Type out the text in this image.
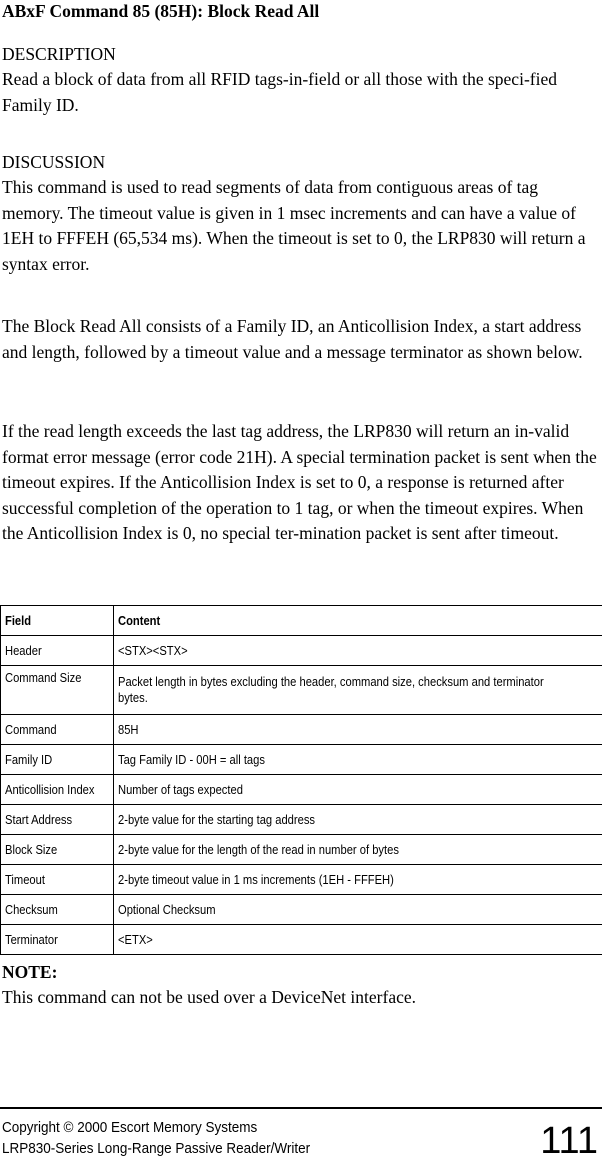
ABxF Command 85 (85H): Block Read All
DESCRIPTION

Read a block of data from all RFID tags-in-field or all those with the speci-fied Family ID.

DISCUSSION

This command is used to read segments of data from contiguous areas of tag memory. The timeout value is given in 1 msec increments and can have a value of 1EH to FFFEH (65,534 ms). When the timeout is set to 0, the LRP830 will return a syntax error.

The Block Read All consists of a Family ID, an Anticollision Index, a start address and length, followed by a timeout value and a message terminator as shown below.

If the read length exceeds the last tag address, the LRP830 will return an in-valid format error message (error code 21H). A special termination packet is sent when the timeout expires. If the Anticollision Index is set to 0, a response is returned after successful completion of the operation to 1 tag, or when the timeout expires. When the Anticollision Index is 0, no special ter-mination packet is sent after timeout.

Field	Content
Header	<STX><STX>
Command Size	Packet length in bytes excluding the header, command size, checksum and terminator bytes.
Command	85H
Family ID	Tag Family ID - 00H = all tags
Anticollision Index	Number of tags expected
Start Address	2-byte value for the starting tag address
Block Size	2-byte value for the length of the read in number of bytes
Timeout	2-byte timeout value in 1 ms increments (1EH - FFFEH)
Checksum	Optional Checksum
Terminator	<ETX>
NOTE:

This command can not be used over a DeviceNet interface.

Copyright © 2000 Escort Memory Systems
LRP830-Series Long-Range Passive Reader/Writer	111
